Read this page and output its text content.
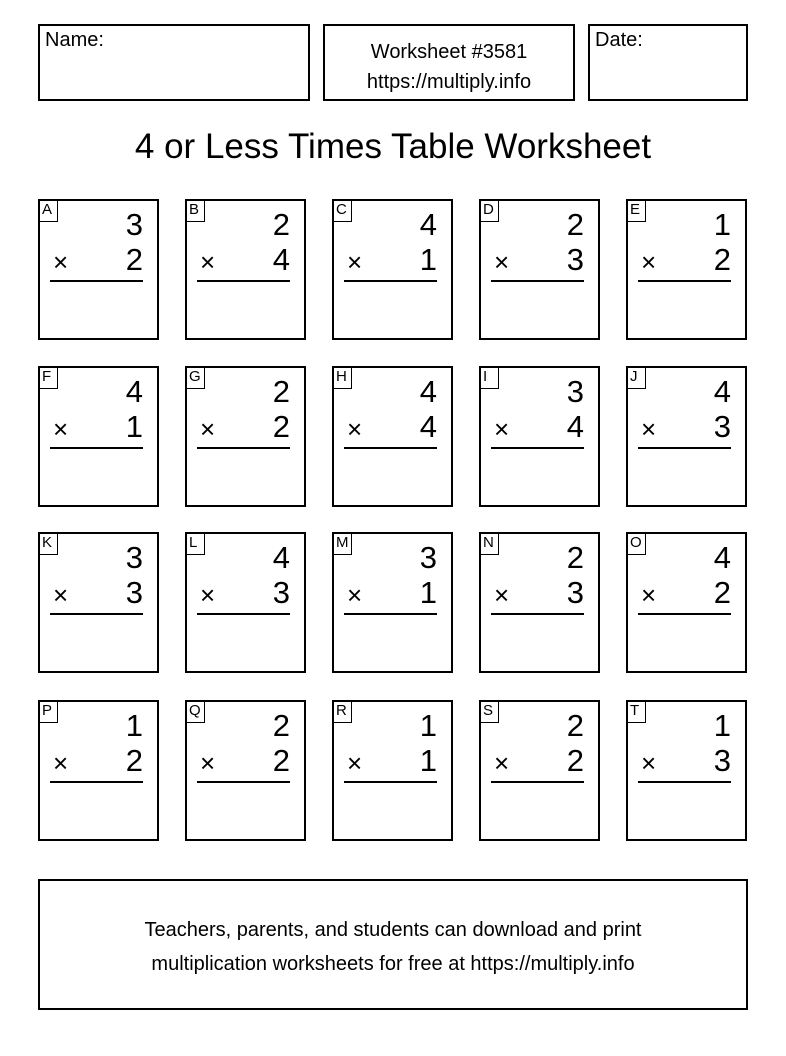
Name:
Worksheet #3581
https://multiply.info
Date:
4 or Less Times Table Worksheet
A 3
× 2
B 2
× 4
C 4
× 1
D 2
× 3
E 1
× 2
F 4
× 1
G 2
× 2
H 4
× 4
I	3
× 4
J 4
× 3
K 3
× 3
L 4
× 3
M 3
× 1
N 2
× 3
O 4
× 2
P 1
× 2
Q 2
× 2
R 1
× 1
S 2
× 2
T 1
× 3
Teachers, parents, and students can download and print
multiplication worksheets for free at https://multiply.info
